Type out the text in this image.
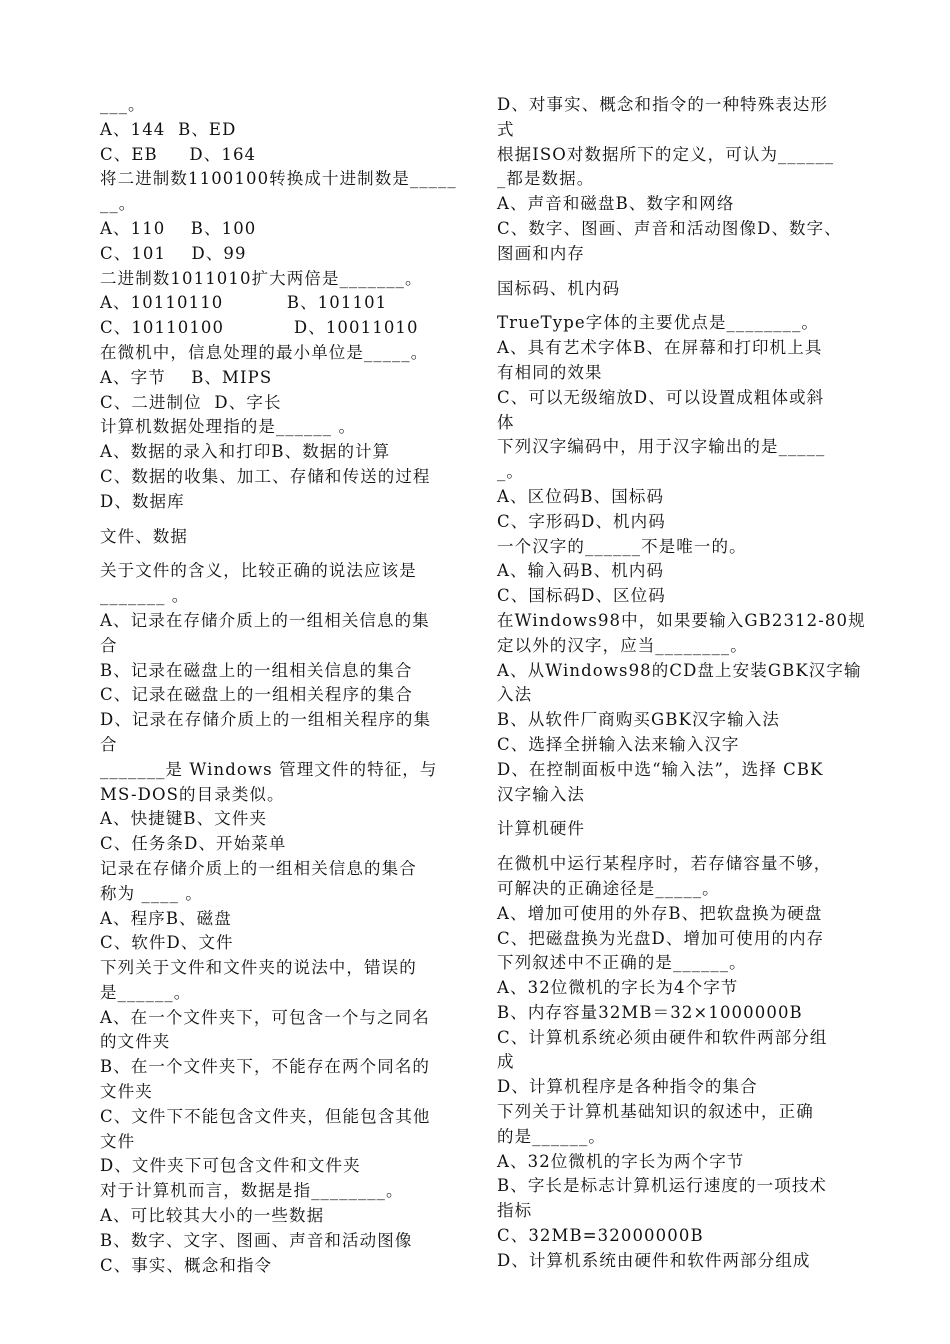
___。
A、144  B、ED
C、EB     D、164
将二进制数1100100转换成十进制数是_____
__。
A、110    B、100
C、101    D、99
二进制数1011010扩大两倍是_______。
A、10110110          B、101101
C、10110100           D、10011010
在微机中，信息处理的最小单位是_____。
A、字节    B、MIPS
C、二进制位  D、字长
计算机数据处理指的是______ 。
A、数据的录入和打印B、数据的计算
C、数据的收集、加工、存储和传送的过程
D、数据库
文件、数据
关于文件的含义，比较正确的说法应该是
_______ 。
A、记录在存储介质上的一组相关信息的集
合
B、记录在磁盘上的一组相关信息的集合
C、记录在磁盘上的一组相关程序的集合
D、记录在存储介质上的一组相关程序的集
合
_______是 Windows 管理文件的特征，与
MS-DOS的目录类似。
A、快捷键B、文件夹
C、任务条D、开始菜单
记录在存储介质上的一组相关信息的集合
称为 ____ 。
A、程序B、磁盘
C、软件D、文件
下列关于文件和文件夹的说法中，错误的
是______。
A、在一个文件夹下，可包含一个与之同名
的文件夹
B、在一个文件夹下，不能存在两个同名的
文件夹
C、文件下不能包含文件夹，但能包含其他
文件
D、文件夹下可包含文件和文件夹
对于计算机而言，数据是指________。
A、可比较其大小的一些数据
B、数字、文字、图画、声音和活动图像
C、事实、概念和指令
D、对事实、概念和指令的一种特殊表达形
式
根据ISO对数据所下的定义，可认为______
_都是数据。
A、声音和磁盘B、数字和网络
C、数字、图画、声音和活动图像D、数字、
图画和内存
国标码、机内码
TrueType字体的主要优点是________。
A、具有艺术字体B、在屏幕和打印机上具
有相同的效果
C、可以无级缩放D、可以设置成粗体或斜
体
下列汉字编码中，用于汉字输出的是_____
_。
A、区位码B、国标码
C、字形码D、机内码
一个汉字的______不是唯一的。
A、输入码B、机内码
C、国标码D、区位码
在Windows98中，如果要输入GB2312-80规
定以外的汉字，应当________。
A、从Windows98的CD盘上安装GBK汉字输
入法
B、从软件厂商购买GBK汉字输入法
C、选择全拼输入法来输入汉字
D、在控制面板中选“输入法”，选择 CBK
汉字输入法
计算机硬件
在微机中运行某程序时，若存储容量不够，
可解决的正确途径是_____。
A、增加可使用的外存B、把软盘换为硬盘
C、把磁盘换为光盘D、增加可使用的内存
下列叙述中不正确的是______。
A、32位微机的字长为4个字节
B、内存容量32MB＝32×1000000B
C、计算机系统必须由硬件和软件两部分组
成
D、计算机程序是各种指令的集合
下列关于计算机基础知识的叙述中，正确
的是______。
A、32位微机的字长为两个字节
B、字长是标志计算机运行速度的一项技术
指标
C、32MB=32000000B
D、计算机系统由硬件和软件两部分组成
